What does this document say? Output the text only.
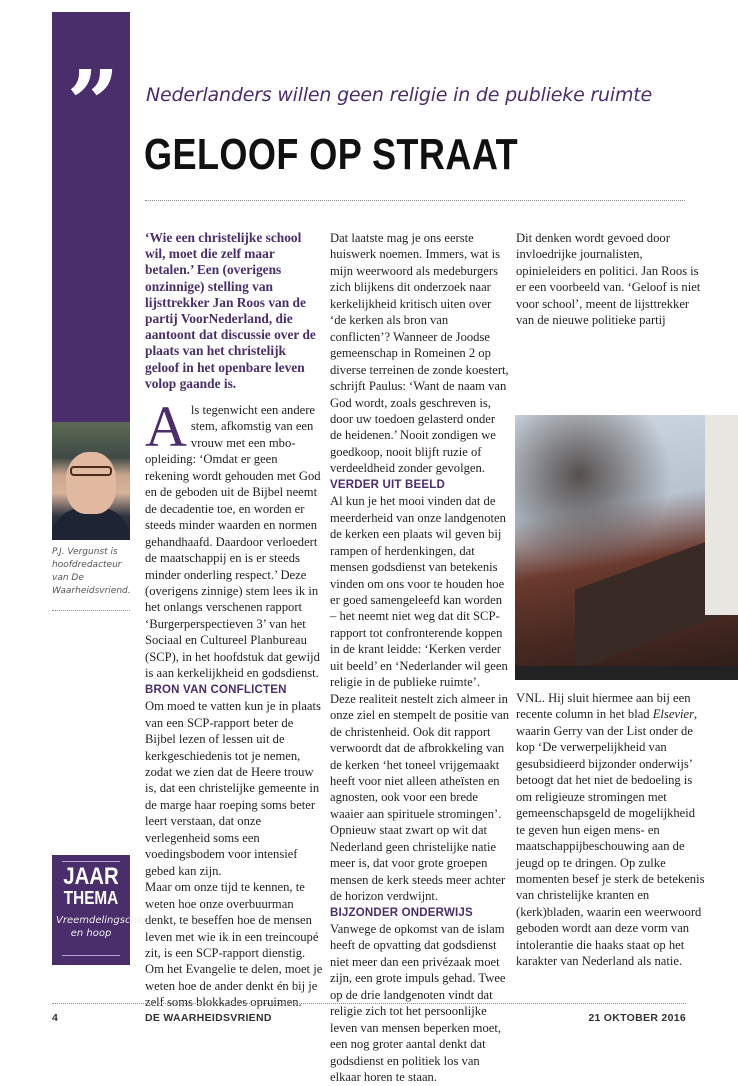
”
P.J. Vergunst is hoofdredacteur van De Waarheidsvriend.
Nederlanders willen geen religie in de publieke ruimte
GELOOF OP STRAAT

‘Wie een christelijke school wil, moet die zelf maar betalen.’ Een (overigens onzinnige) stelling van lijsttrekker Jan Roos van de partij VoorNederland, die aantoont dat discussie over de plaats van het christelijk geloof in het openbare leven volop gaande is.

Als tegenwicht een andere stem, afkomstig van een vrouw met een mbo-opleiding: ‘Omdat er geen rekening wordt gehouden met God en de geboden uit de Bijbel neemt de decadentie toe, en worden er steeds minder waarden en normen gehandhaafd. Daardoor verloedert de maatschappij en is er steeds minder onderling respect.’ Deze (overigens zinnige) stem lees ik in het onlangs verschenen rapport ‘Burgerperspectieven 3’ van het Sociaal en Cultureel Planbureau (SCP), in het hoofdstuk dat gewijd is aan kerkelijkheid en godsdienst.

BRON VAN CONFLICTEN

Om moed te vatten kun je in plaats van een SCP-rapport beter de Bijbel lezen of lessen uit de kerkgeschiedenis tot je nemen, zodat we zien dat de Heere trouw is, dat een christelijke gemeente in de marge haar roeping soms beter leert verstaan, dat onze verlegenheid soms een voedingsbodem voor intensief gebed kan zijn.

Maar om onze tijd te kennen, te weten hoe onze overbuurman denkt, te beseffen hoe de mensen leven met wie ik in een treincoupé zit, is een SCP-rapport dienstig. Om het Evangelie te delen, moet je weten hoe de ander denkt én bij je zelf soms blokkades opruimen.

Dat laatste mag je ons eerste huiswerk noemen. Immers, wat is mijn weerwoord als medeburgers zich blijkens dit onderzoek naar kerkelijkheid kritisch uiten over ‘de kerken als bron van conflicten’? Wanneer de Joodse gemeenschap in Romeinen 2 op diverse terreinen de zonde koestert, schrijft Paulus: ‘Want de naam van God wordt, zoals geschreven is, door uw toedoen gelasterd onder de heidenen.’ Nooit zondigen we goedkoop, nooit blijft ruzie of verdeeldheid zonder gevolgen.

VERDER UIT BEELD

Al kun je het mooi vinden dat de meerderheid van onze landgenoten de kerken een plaats wil geven bij rampen of herdenkingen, dat mensen godsdienst van betekenis vinden om ons voor te houden hoe er goed samengeleefd kan worden – het neemt niet weg dat dit SCP-rapport tot confronterende koppen in de krant leidde: ‘Kerken verder uit beeld’ en ‘Nederlander wil geen religie in de publieke ruimte’.

Deze realiteit nestelt zich almeer in onze ziel en stempelt de positie van de christenheid. Ook dit rapport verwoordt dat de afbrokkeling van de kerken ‘het toneel vrijgemaakt heeft voor niet alleen atheïsten en agnosten, ook voor een brede waaier aan spirituele stromingen’. Opnieuw staat zwart op wit dat Nederland geen christelijke natie meer is, dat voor grote groepen mensen de kerk steeds meer achter de horizon verdwijnt.

BIJZONDER ONDERWIJS

Vanwege de opkomst van de islam heeft de opvatting dat godsdienst niet meer dan een privézaak moet zijn, een grote impuls gehad. Twee op de drie landgenoten vindt dat religie zich tot het persoonlijke leven van mensen beperken moet, een nog groter aantal denkt dat godsdienst en politiek los van elkaar horen te staan.

Dit denken wordt gevoed door invloedrijke journalisten, opinieleiders en politici. Jan Roos is er een voorbeeld van. ‘Geloof is niet voor school’, meent de lijsttrekker van de nieuwe politieke partij

VNL. Hij sluit hiermee aan bij een recente column in het blad Elsevier, waarin Gerry van der List onder de kop ‘De verwerpelijkheid van gesubsidieerd bijzonder onderwijs’ betoogt dat het niet de bedoeling is om religieuze stromingen met gemeenschapsgeld de mogelijkheid te geven hun eigen mens- en maatschappijbeschouwing aan de jeugd op te dringen. Op zulke momenten besef je sterk de betekenis van christelijke kranten en (kerk)bladen, waarin een weerwoord geboden wordt aan deze vorm van intolerantie die haaks staat op het karakter van Nederland als natie.

JAAR
THEMA
Vreemdelingschap en hoop
4	DE WAARHEIDSVRIEND	21 OKTOBER 2016
